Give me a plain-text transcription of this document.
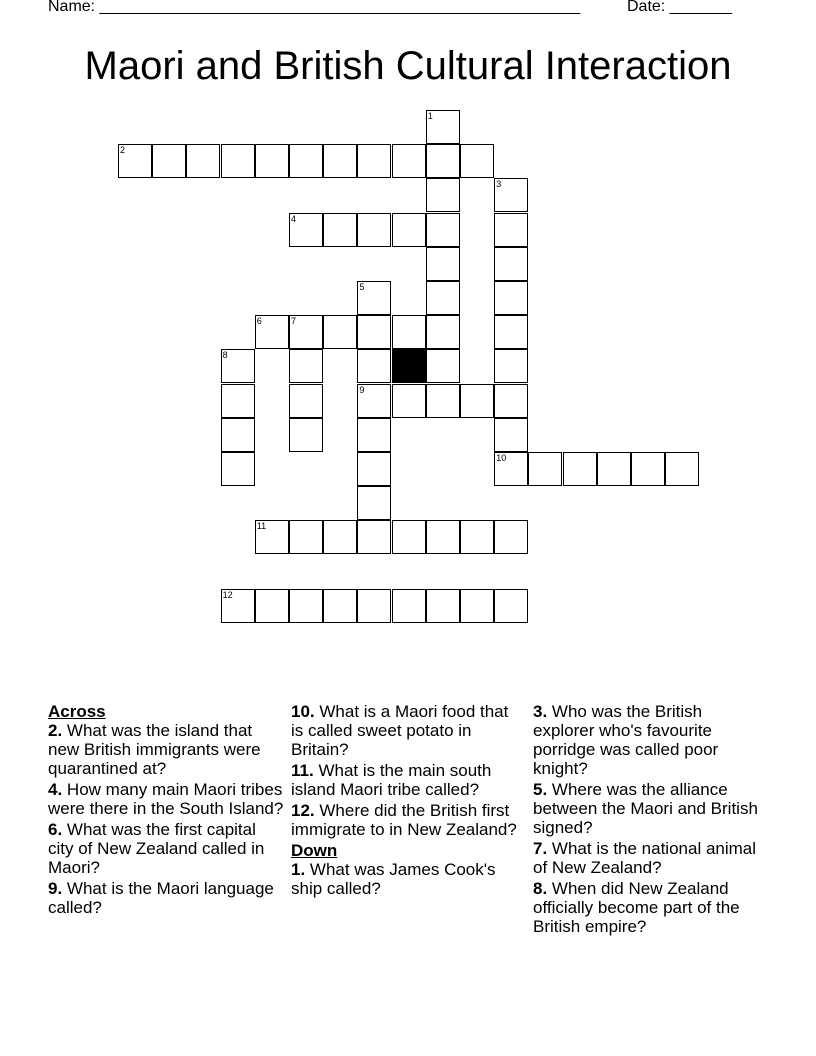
Name: ______________________________________________________	Date: _______
Maori and British Cultural Interaction
1
2
3
10
4
5
9
6	7
8
11
12
Across
2. What was the island that new British immigrants were quarantined at?
4. How many main Maori tribes were there in the South Island?
6. What was the first capital city of New Zealand called in Maori?
9. What is the Maori language called?
10. What is a Maori food that is called sweet potato in Britain?
11. What is the main south island Maori tribe called?
12. Where did the British first immigrate to in New Zealand?
Down
1. What was James Cook's ship called?
3. Who was the British explorer who's favourite porridge was called poor knight?
5. Where was the alliance between the Maori and British signed?
7. What is the national animal of New Zealand?
8. When did New Zealand officially become part of the British empire?
